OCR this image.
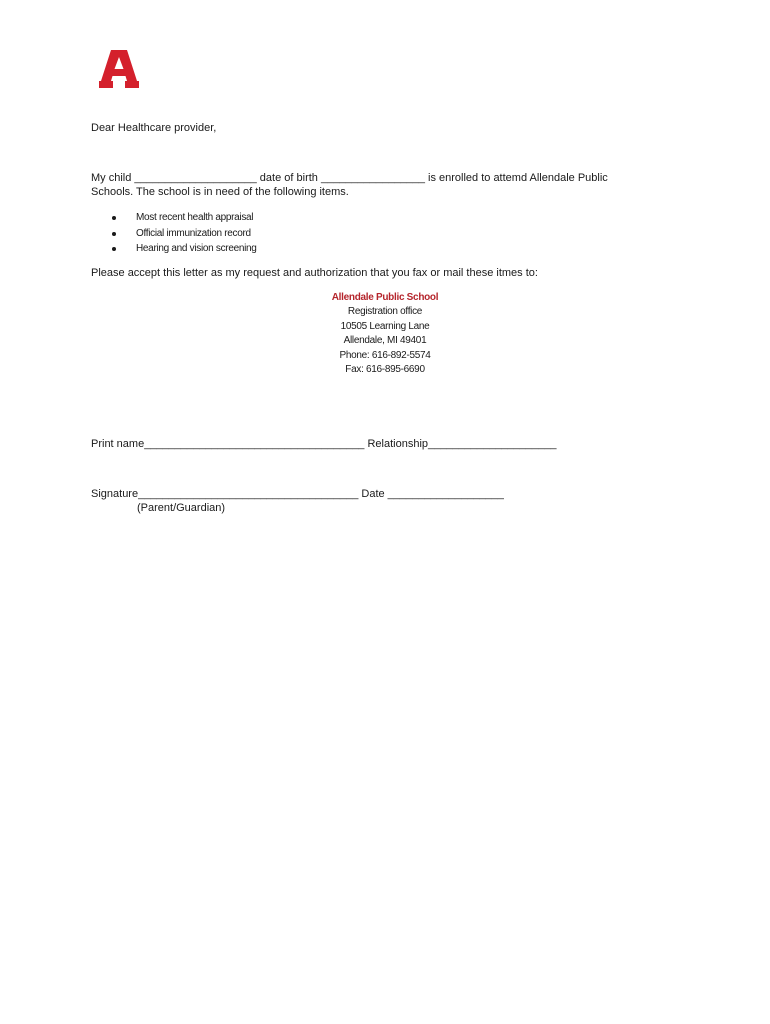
Dear Healthcare provider,
My child ____________________ date of birth _________________ is enrolled to attemd Allendale Public
Schools. The school is in need of the following items.
Most recent health appraisal
Official immunization record
Hearing and vision screening
Please accept this letter as my request and authorization that you fax or mail these itmes to:
Allendale Public School
Registration office
10505 Learning Lane
Allendale, MI 49401
Phone: 616-892-5574
Fax: 616-895-6690
Print name____________________________________ Relationship_____________________
Signature____________________________________ Date ___________________
(Parent/Guardian)
